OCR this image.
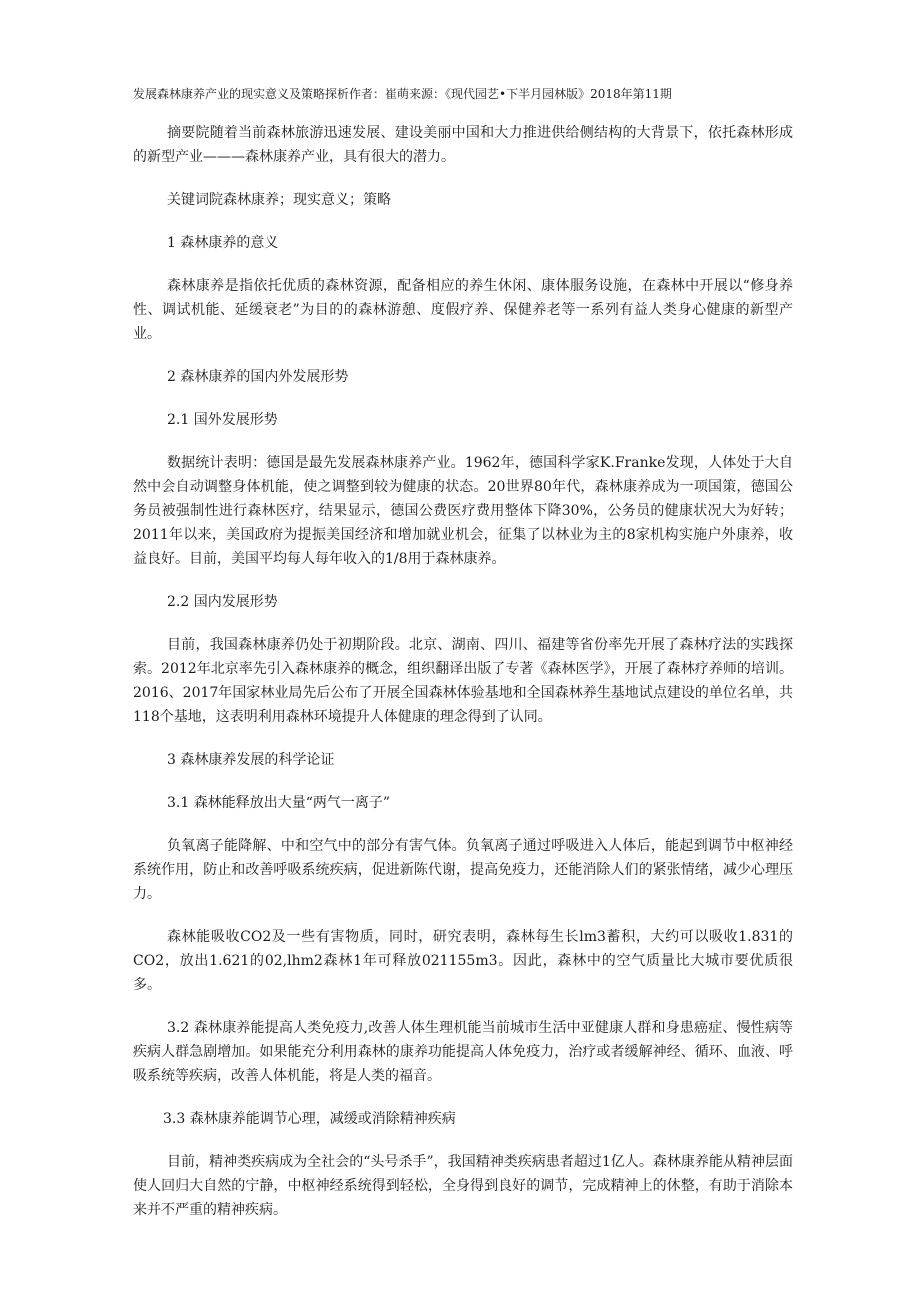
发展森林康养产业的现实意义及策略探析作者：崔萌来源：《现代园艺•下半月园林版》2018年第11期

摘要院随着当前森林旅游迅速发展、建设美丽中国和大力推进供给侧结构的大背景下，依托森林形成的新型产业———森林康养产业，具有很大的潜力。

关键词院森林康养；现实意义；策略

1 森林康养的意义

森林康养是指依托优质的森林资源，配备相应的养生休闲、康体服务设施，在森林中开展以“修身养性、调试机能、延缓衰老”为目的的森林游憩、度假疗养、保健养老等一系列有益人类身心健康的新型产业。

2 森林康养的国内外发展形势

2.1 国外发展形势

数据统计表明：德国是最先发展森林康养产业。1962年，德国科学家K.Franke发现，人体处于大自然中会自动调整身体机能，使之调整到较为健康的状态。20世界80年代，森林康养成为一项国策，德国公务员被强制性进行森林医疗，结果显示，德国公费医疗费用整体下降30%，公务员的健康状况大为好转；2011年以来，美国政府为提振美国经济和增加就业机会，征集了以林业为主的8家机构实施户外康养，收益良好。目前，美国平均每人每年收入的1/8用于森林康养。

2.2 国内发展形势

目前，我国森林康养仍处于初期阶段。北京、湖南、四川、福建等省份率先开展了森林疗法的实践探索。2012年北京率先引入森林康养的概念，组织翻译出版了专著《森林医学》，开展了森林疗养师的培训。2016、2017年国家林业局先后公布了开展全国森林体验基地和全国森林养生基地试点建设的单位名单，共118个基地，这表明利用森林环境提升人体健康的理念得到了认同。

3 森林康养发展的科学论证

3.1 森林能释放出大量“两气一离子”

负氧离子能降解、中和空气中的部分有害气体。负氧离子通过呼吸进入人体后，能起到调节中枢神经系统作用，防止和改善呼吸系统疾病，促进新陈代谢，提高免疫力，还能消除人们的紧张情绪，减少心理压力。

森林能吸收CO2及一些有害物质，同时，研究表明，森林每生长lm3蓄积，大约可以吸收1.831的CO2，放出1.621的02,lhm2森林1年可释放021155m3。因此，森林中的空气质量比大城市要优质很多。

3.2 森林康养能提高人类免疫力,改善人体生理机能当前城市生活中亚健康人群和身患癌症、慢性病等疾病人群急剧增加。如果能充分利用森林的康养功能提高人体免疫力，治疗或者缓解神经、循环、血液、呼吸系统等疾病，改善人体机能，将是人类的福音。

3.3 森林康养能调节心理，减缓或消除精神疾病

目前，精神类疾病成为全社会的“头号杀手”，我国精神类疾病患者超过1亿人。森林康养能从精神层面使人回归大自然的宁静，中枢神经系统得到轻松，全身得到良好的调节，完成精神上的休整，有助于消除本来并不严重的精神疾病。
